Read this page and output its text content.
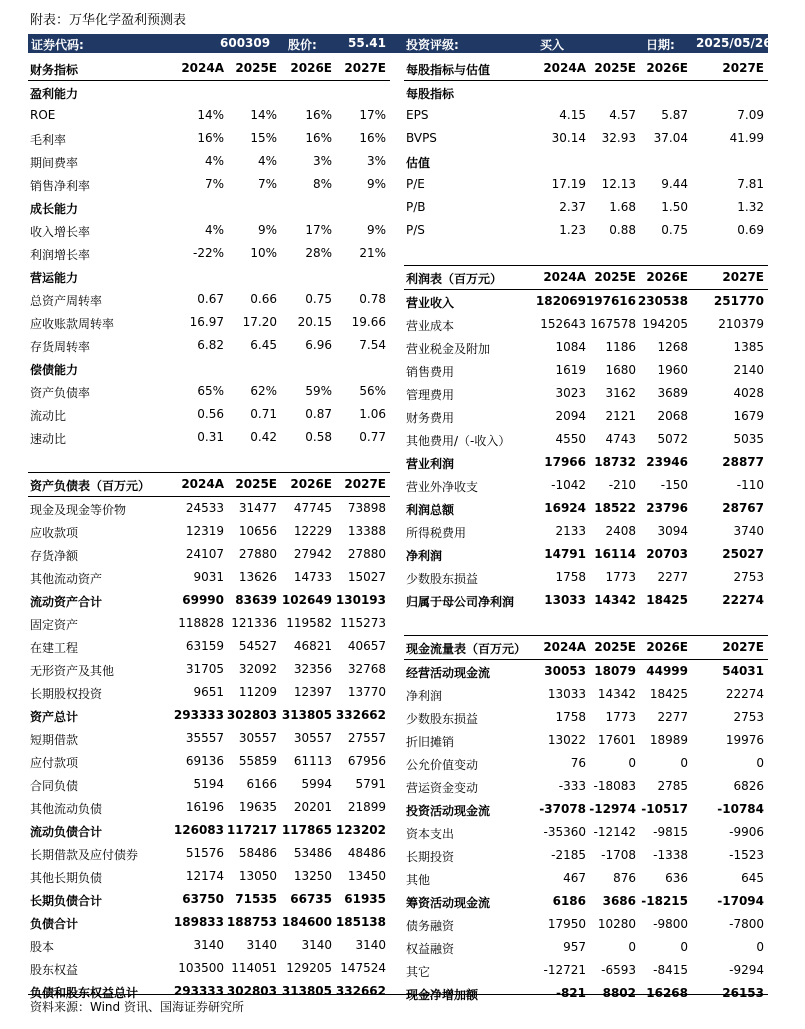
附表：万华化学盈利预测表
证券代码:	600309 股价:	55.41 投资评级:	买入	日期: 2025/05/26
财务指标	2024A 2025E 2026E 2027E
盈利能力
ROE	14% 14% 16% 17%
毛利率	16% 15% 16% 16%
期间费率	4%	4%	3%	3%
销售净利率	7%	7%	8%	9%
成长能力
收入增长率	4%	9% 17%	9%
利润增长率	-22% 10% 28% 21%
营运能力
总资产周转率	0.67 0.66 0.75 0.78
应收账款周转率	16.97 17.20 20.15 19.66
存货周转率	6.82 6.45 6.96 7.54
偿债能力
资产负债率	65% 62% 59% 56%
流动比	0.56 0.71 0.87 1.06
速动比	0.31 0.42 0.58 0.77
资产负债表（百万元）	2024A 2025E 2026E 2027E
现金及现金等价物	24533 31477 47745 73898
应收款项	12319 10656 12229 13388
存货净额	24107 27880 27942 27880
其他流动资产	9031 13626 14733 15027
流动资产合计	69990 83639 102649 130193
固定资产	118828 121336 119582 115273
在建工程	63159 54527 46821 40657
无形资产及其他	31705 32092 32356 32768
长期股权投资	9651 11209 12397 13770
资产总计	293333 302803 313805 332662
短期借款	35557 30557 30557 27557
应付款项	69136 55859 61113 67956
合同负债	5194 6166 5994 5791
其他流动负债	16196 19635 20201 21899
流动负债合计	126083 117217 117865 123202
长期借款及应付债券	51576 58486 53486 48486
其他长期负债	12174 13050 13250 13450
长期负债合计	63750 71535 66735 61935
负债合计	189833 188753 184600 185138
股本	3140 3140 3140 3140
股东权益	103500 114051 129205 147524
负债和股东权益总计	293333 302803 313805 332662
每股指标与估值	2024A 2025E 2026E	2027E
每股指标
EPS	4.15 4.57 5.87	7.09
BVPS	30.14 32.93 37.04	41.99
估值
P/E	17.19 12.13 9.44	7.81
P/B	2.37 1.68 1.50	1.32
P/S	1.23 0.88 0.75	0.69
利润表（百万元）	2024A 2025E 2026E	2027E
营业收入	182069 197616 230538 251770
营业成本	152643 167578 194205	210379
营业税金及附加	1084 1186 1268	1385
销售费用	1619 1680 1960	2140
管理费用	3023 3162 3689	4028
财务费用	2094 2121 2068	1679
其他费用/（-收入）	4550 4743 5072	5035
营业利润	17966 18732 23946	28877
营业外净收支	-1042 -210 -150	-110
利润总额	16924 18522 23796	28767
所得税费用	2133 2408 3094	3740
净利润	14791 16114 20703	25027
少数股东损益	1758 1773 2277	2753
归属于母公司净利润	13033 14342 18425	22274
现金流量表（百万元） 2024A 2025E 2026E	2027E
经营活动现金流	30053 18079 44999	54031
净利润	13033 14342 18425	22274
少数股东损益	1758 1773 2277	2753
折旧摊销	13022 17601 18989	19976
公允价值变动	76	0	0	0
营运资金变动	-333 -18083 2785	6826
投资活动现金流	-37078 -12974 -10517 -10784
资本支出	-35360 -12142 -9815	-9906
长期投资	-2185 -1708 -1338	-1523
其他	467 876 636	645
筹资活动现金流	6186 3686 -18215 -17094
债务融资	17950 10280 -9800	-7800
权益融资	957	0	0	0
其它	-12721 -6593 -8415	-9294
现金净增加额	-821 8802 16268	26153
资料来源：Wind 资讯、国海证券研究所
